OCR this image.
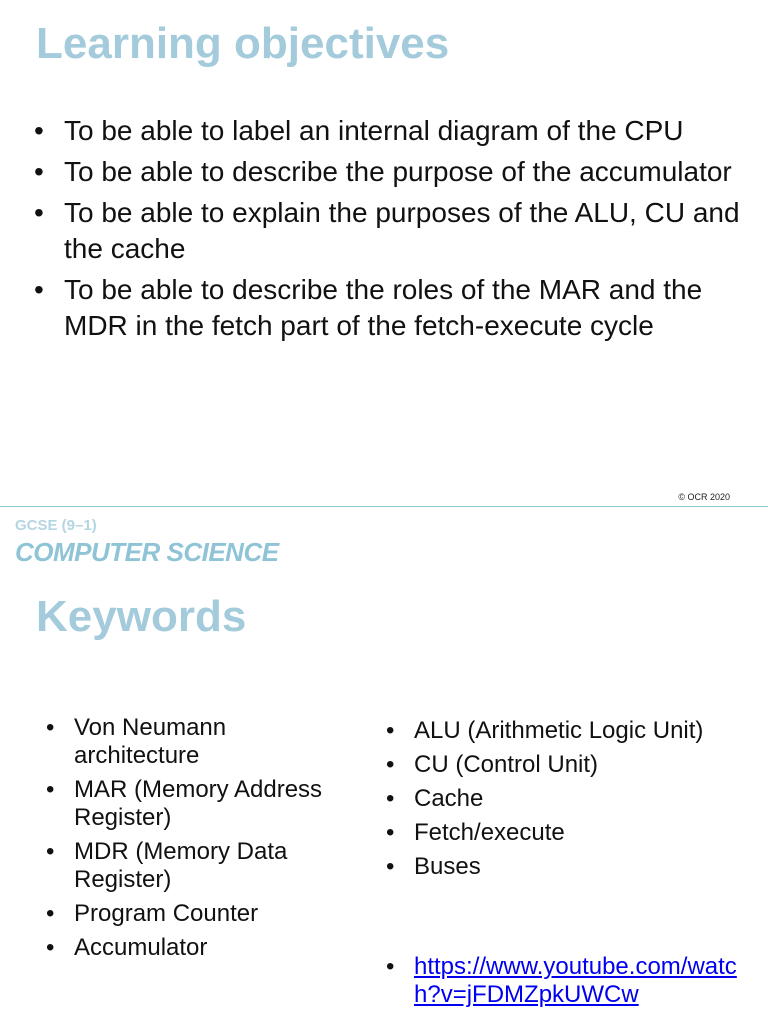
Learning objectives
• To be able to label an internal diagram of the CPU
• To be able to describe the purpose of the accumulator
• To be able to explain the purposes of the ALU, CU and the cache
• To be able to describe the roles of the MAR and the MDR in the fetch part of the fetch-execute cycle
© OCR 2020
GCSE (9–1)
COMPUTER SCIENCE
Keywords
• Von Neumann architecture
• MAR (Memory Address Register)
• MDR (Memory Data Register)
• Program Counter
• Accumulator
• ALU (Arithmetic Logic Unit)
• CU (Control Unit)
• Cache
• Fetch/execute
• Buses
• https://www.youtube.com/watch?v=jFDMZpkUWCw
